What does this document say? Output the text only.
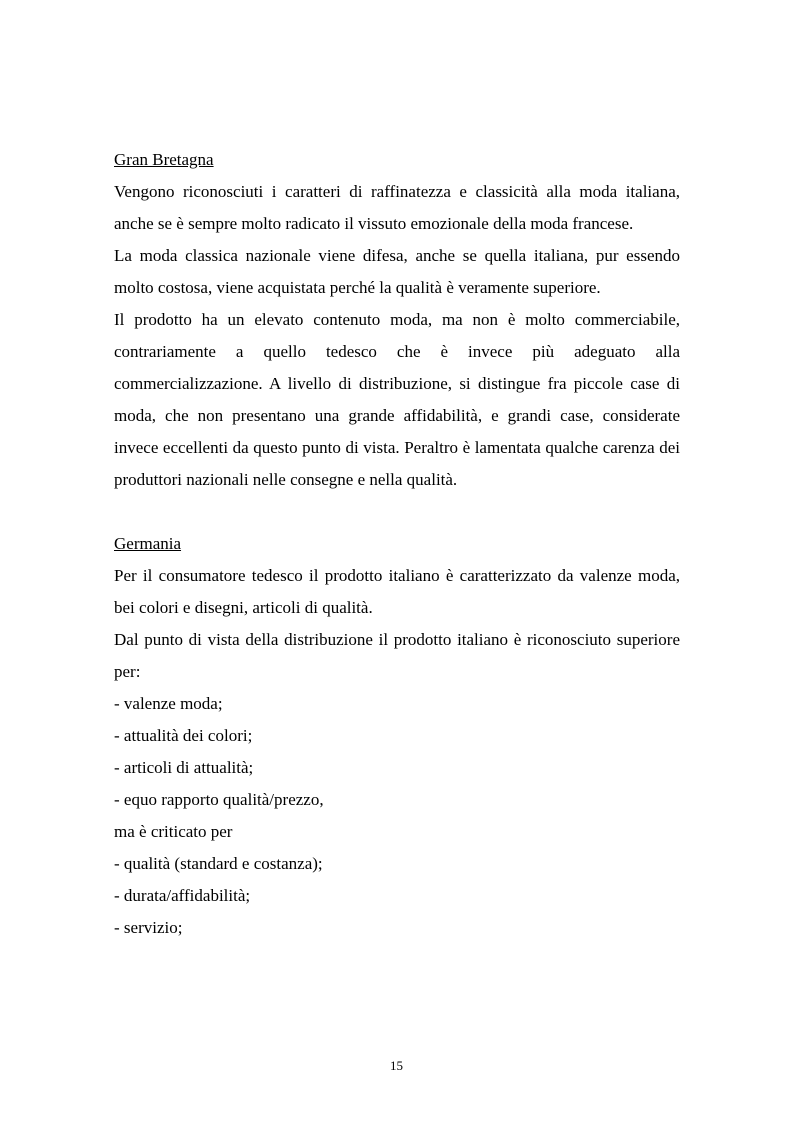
Gran Bretagna

Vengono riconosciuti i caratteri di raffinatezza e classicità alla moda italiana, anche se è sempre molto radicato il vissuto emozionale della moda francese.

La moda classica nazionale viene difesa, anche se quella italiana, pur essendo molto costosa, viene acquistata perché la qualità è veramente superiore.

Il prodotto ha un elevato contenuto moda, ma non è molto commerciabile, contrariamente a quello tedesco che è invece più adeguato alla commercializzazione. A livello di distribuzione, si distingue fra piccole case di moda, che non presentano una grande affidabilità, e grandi case, considerate invece eccellenti da questo punto di vista. Peraltro è lamentata qualche carenza dei produttori nazionali nelle consegne e nella qualità.

Germania

Per il consumatore tedesco il prodotto italiano è caratterizzato da valenze moda, bei colori e disegni, articoli di qualità.

Dal punto di vista della distribuzione il prodotto italiano è riconosciuto superiore per:

- valenze moda;

- attualità dei colori;

- articoli di attualità;

- equo rapporto qualità/prezzo,

ma è criticato per

- qualità (standard e costanza);

- durata/affidabilità;

- servizio;

15
